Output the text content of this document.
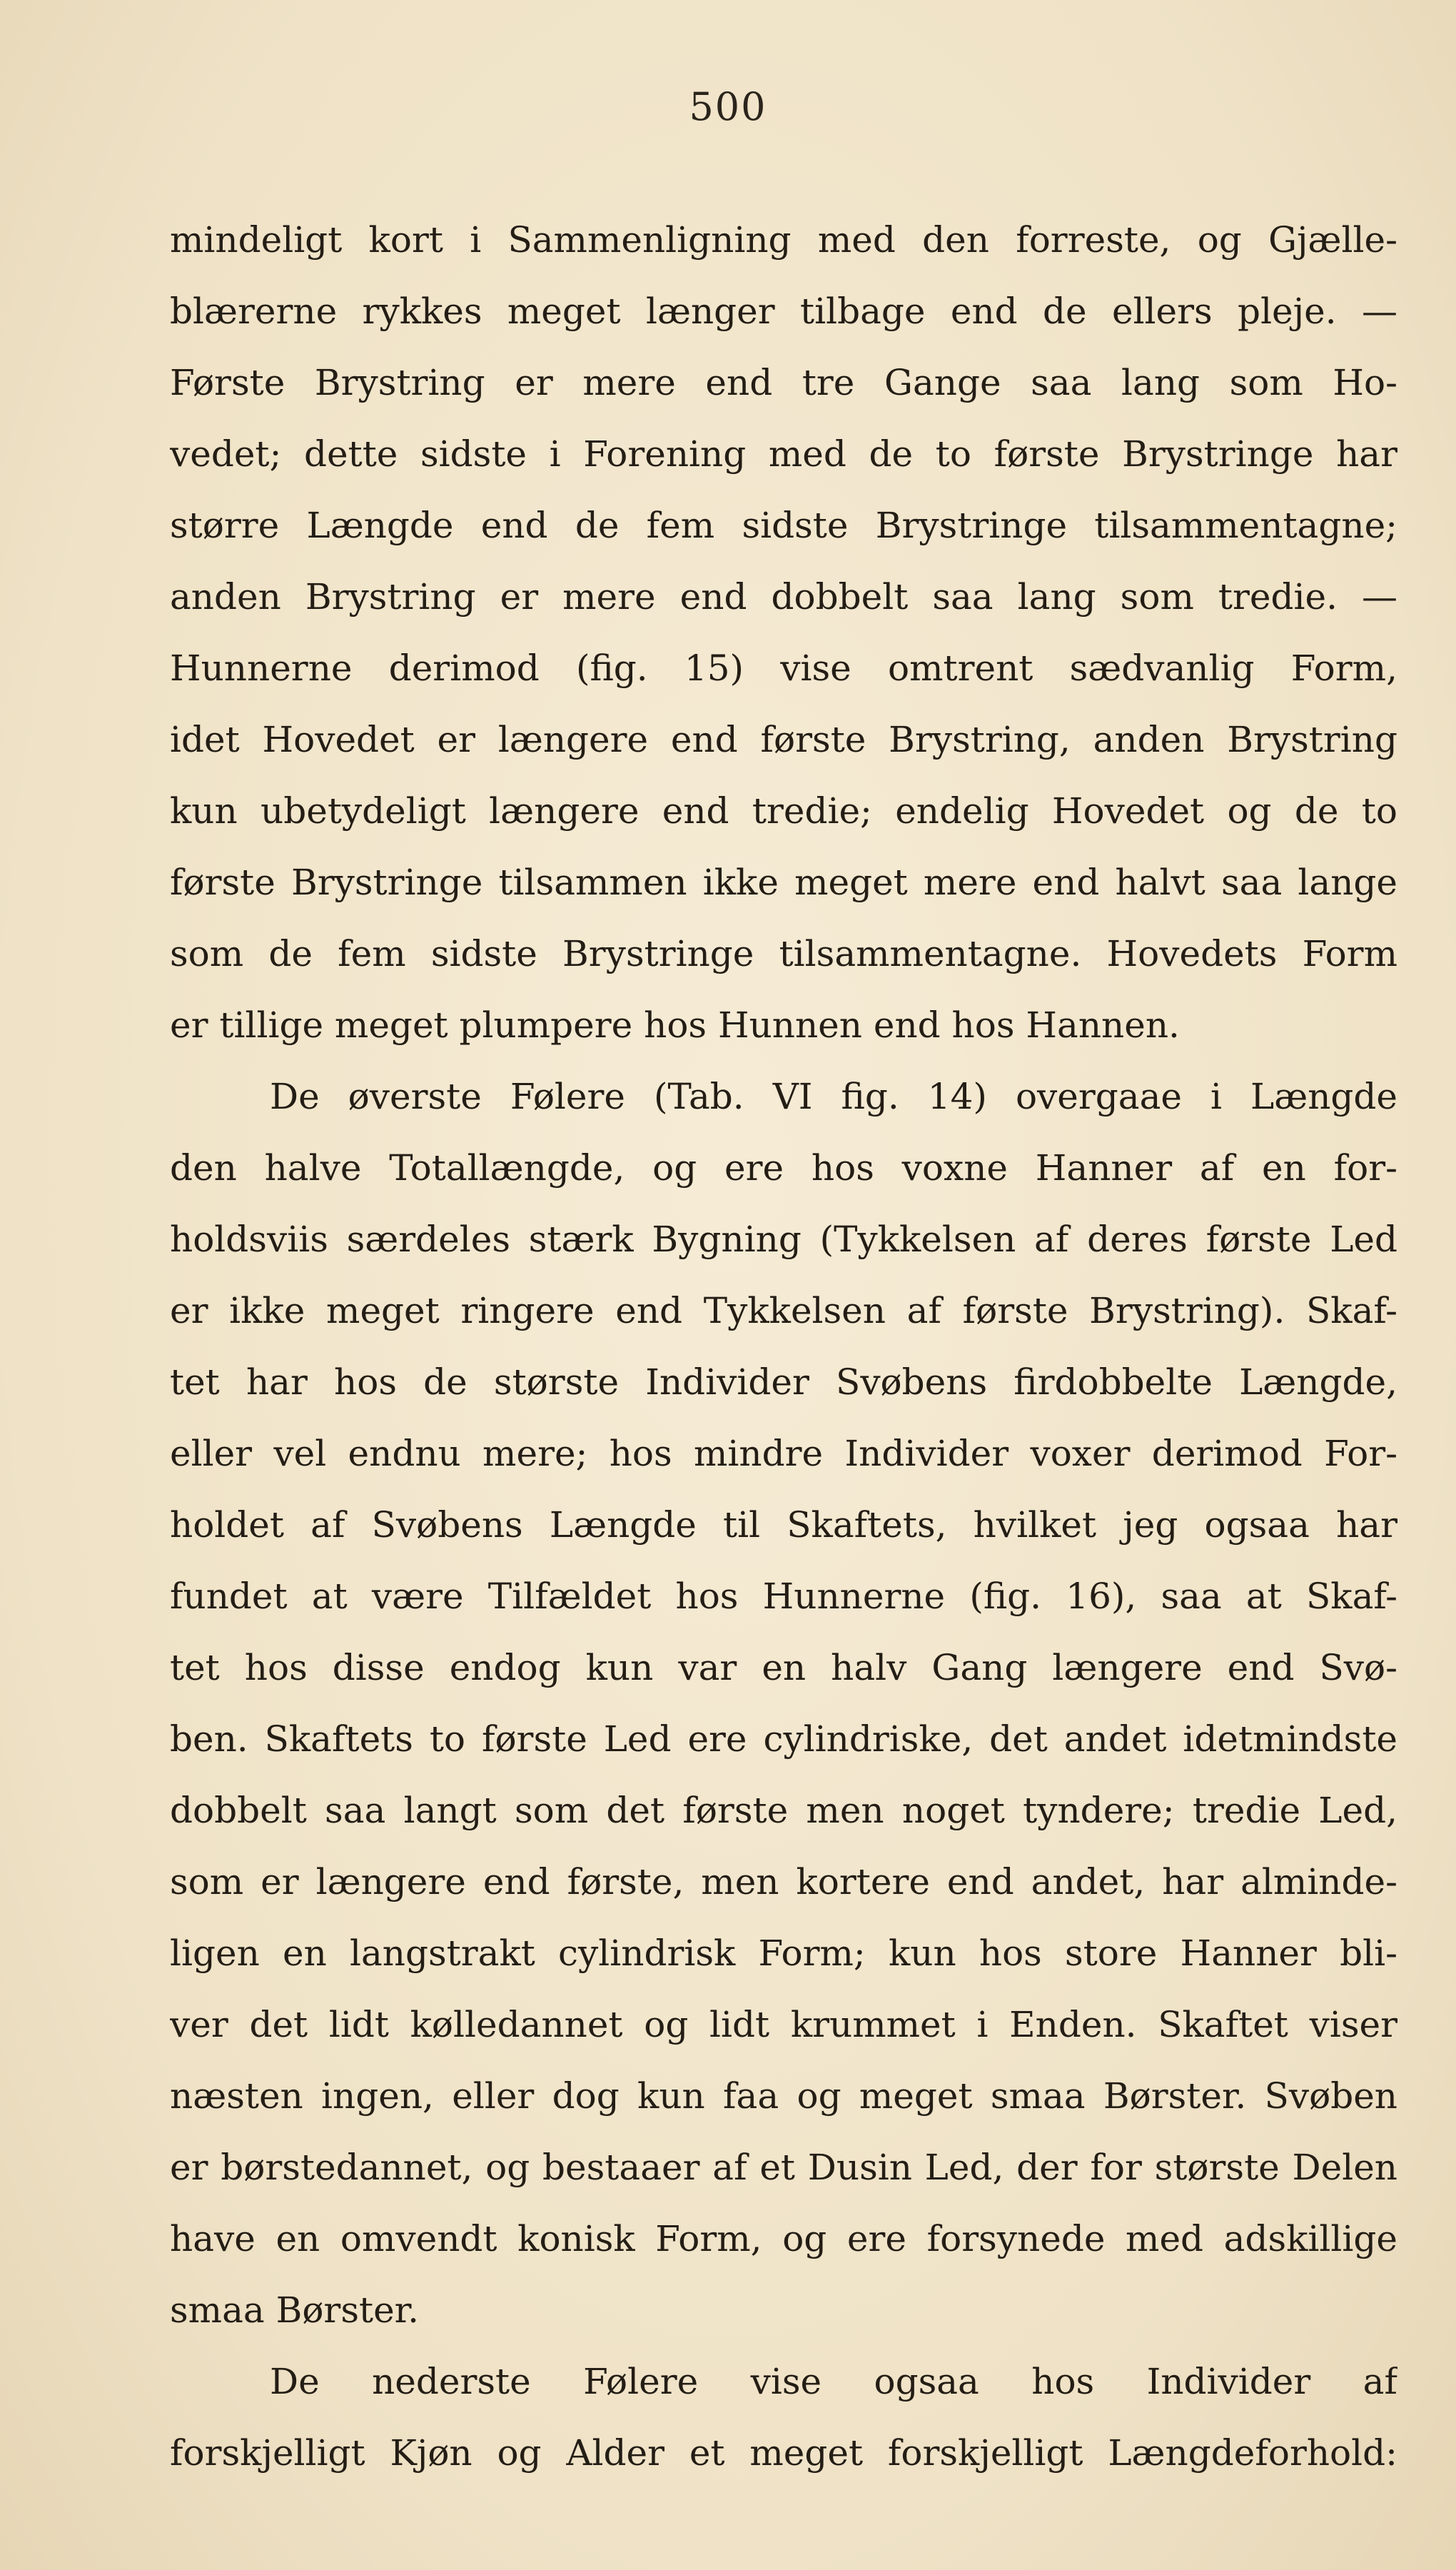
500
mindeligt kort i Sammenligning med den forreste, og Gjælle-
blærerne rykkes meget længer tilbage end de ellers pleje. —
Første Brystring er mere end tre Gange saa lang som Ho-
vedet; dette sidste i Forening med de to første Brystringe har
større Længde end de fem sidste Brystringe tilsammentagne;
anden Brystring er mere end dobbelt saa lang som tredie. —
Hunnerne derimod (fig. 15) vise omtrent sædvanlig Form,
idet Hovedet er længere end første Brystring, anden Brystring
kun ubetydeligt længere end tredie; endelig Hovedet og de to
første Brystringe tilsammen ikke meget mere end halvt saa lange
som de fem sidste Brystringe tilsammentagne. Hovedets Form
er tillige meget plumpere hos Hunnen end hos Hannen.
De øverste Følere (Tab. VI fig. 14) overgaae i Længde
den halve Totallængde, og ere hos voxne Hanner af en for-
holdsviis særdeles stærk Bygning (Tykkelsen af deres første Led
er ikke meget ringere end Tykkelsen af første Brystring). Skaf-
tet har hos de største Individer Svøbens firdobbelte Længde,
eller vel endnu mere; hos mindre Individer voxer derimod For-
holdet af Svøbens Længde til Skaftets, hvilket jeg ogsaa har
fundet at være Tilfældet hos Hunnerne (fig. 16), saa at Skaf-
tet hos disse endog kun var en halv Gang længere end Svø-
ben. Skaftets to første Led ere cylindriske, det andet idetmindste
dobbelt saa langt som det første men noget tyndere; tredie Led,
som er længere end første, men kortere end andet, har alminde-
ligen en langstrakt cylindrisk Form; kun hos store Hanner bli-
ver det lidt kølledannet og lidt krummet i Enden. Skaftet viser
næsten ingen, eller dog kun faa og meget smaa Børster. Svøben
er børstedannet, og bestaaer af et Dusin Led, der for største Delen
have en omvendt konisk Form, og ere forsynede med adskillige
smaa Børster.
De nederste Følere vise ogsaa hos Individer af
forskjelligt Kjøn og Alder et meget forskjelligt Længdeforhold:
